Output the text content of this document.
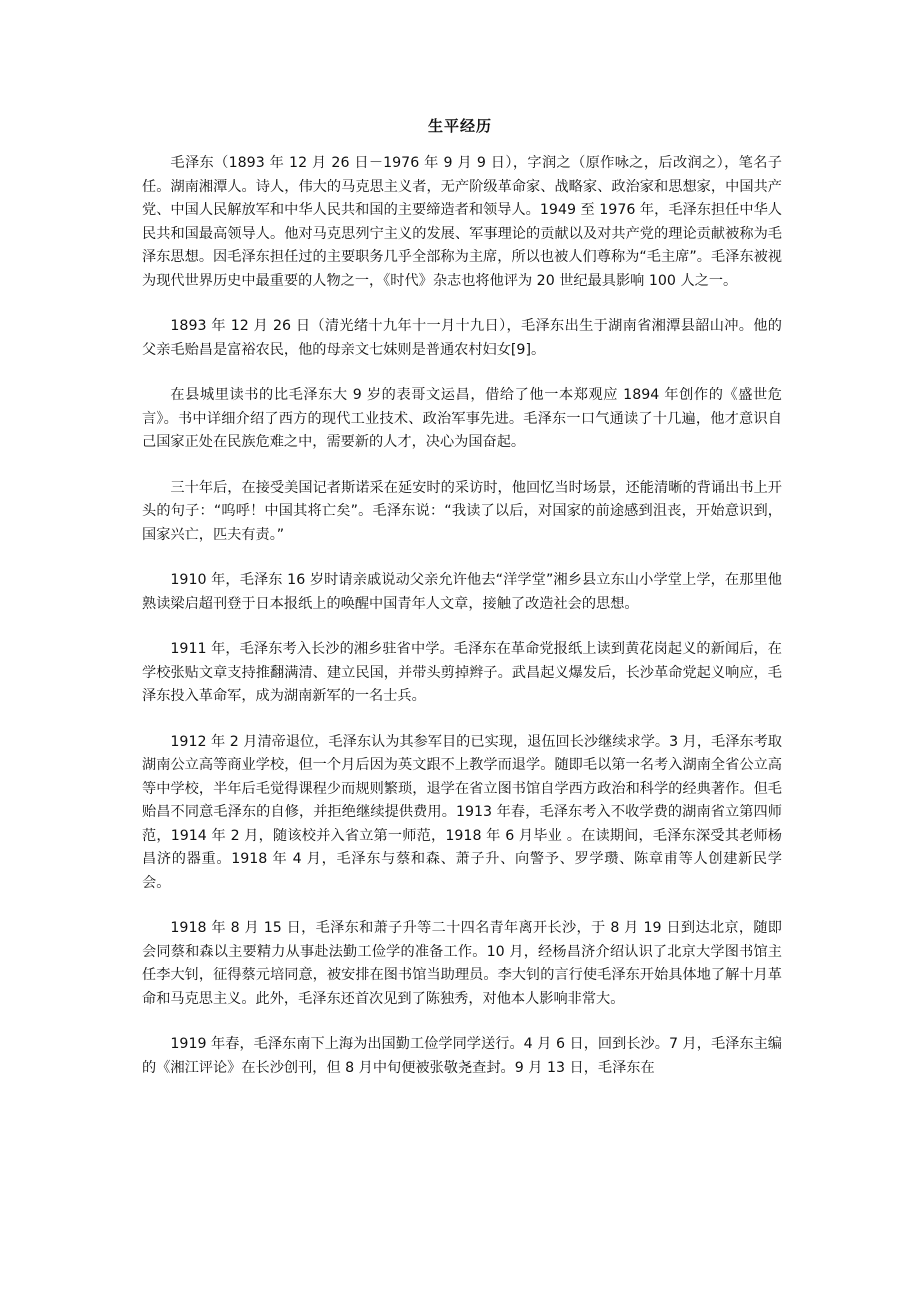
生平经历

毛泽东（1893 年 12 月 26 日－1976 年 9 月 9 日），字润之（原作咏之，后改润之），笔名子任。湖南湘潭人。诗人，伟大的马克思主义者，无产阶级革命家、战略家、政治家和思想家，中国共产党、中国人民解放军和中华人民共和国的主要缔造者和领导人。1949 至 1976 年，毛泽东担任中华人民共和国最高领导人。他对马克思列宁主义的发展、军事理论的贡献以及对共产党的理论贡献被称为毛泽东思想。因毛泽东担任过的主要职务几乎全部称为主席，所以也被人们尊称为“毛主席”。毛泽东被视为现代世界历史中最重要的人物之一，《时代》杂志也将他评为 20 世纪最具影响 100 人之一。

1893 年 12 月 26 日（清光绪十九年十一月十九日），毛泽东出生于湖南省湘潭县韶山冲。他的父亲毛贻昌是富裕农民，他的母亲文七妹则是普通农村妇女[9]。

在县城里读书的比毛泽东大 9 岁的表哥文运昌，借给了他一本郑观应 1894 年创作的《盛世危言》。书中详细介绍了西方的现代工业技术、政治军事先进。毛泽东一口气通读了十几遍，他才意识自己国家正处在民族危难之中，需要新的人才，决心为国奋起。

三十年后，在接受美国记者斯诺采在延安时的采访时，他回忆当时场景，还能清晰的背诵出书上开头的句子：“呜呼！中国其将亡矣”。毛泽东说：“我读了以后，对国家的前途感到沮丧，开始意识到，国家兴亡，匹夫有责。”

1910 年，毛泽东 16 岁时请亲戚说动父亲允许他去“洋学堂”湘乡县立东山小学堂上学，在那里他熟读梁启超刊登于日本报纸上的唤醒中国青年人文章，接触了改造社会的思想。

1911 年，毛泽东考入长沙的湘乡驻省中学。毛泽东在革命党报纸上读到黄花岗起义的新闻后，在学校张贴文章支持推翻满清、建立民国，并带头剪掉辫子。武昌起义爆发后，长沙革命党起义响应，毛泽东投入革命军，成为湖南新军的一名士兵。

1912 年 2 月清帝退位，毛泽东认为其参军目的已实现，退伍回长沙继续求学。3 月，毛泽东考取湖南公立高等商业学校，但一个月后因为英文跟不上教学而退学。随即毛以第一名考入湖南全省公立高等中学校，半年后毛觉得课程少而规则繁琐，退学在省立图书馆自学西方政治和科学的经典著作。但毛贻昌不同意毛泽东的自修，并拒绝继续提供费用。1913 年春，毛泽东考入不收学费的湖南省立第四师范，1914 年 2 月，随该校并入省立第一师范，1918 年 6 月毕业 。在读期间，毛泽东深受其老师杨昌济的器重。1918 年 4 月，毛泽东与蔡和森、萧子升、向警予、罗学瓒、陈章甫等人创建新民学会。

1918 年 8 月 15 日，毛泽东和萧子升等二十四名青年离开长沙，于 8 月 19 日到达北京，随即会同蔡和森以主要精力从事赴法勤工俭学的准备工作。10 月，经杨昌济介绍认识了北京大学图书馆主任李大钊，征得蔡元培同意，被安排在图书馆当助理员。李大钊的言行使毛泽东开始具体地了解十月革命和马克思主义。此外，毛泽东还首次见到了陈独秀，对他本人影响非常大。

1919 年春，毛泽东南下上海为出国勤工俭学同学送行。4 月 6 日，回到长沙。7 月，毛泽东主编的《湘江评论》在长沙创刊，但 8 月中旬便被张敬尧查封。9 月 13 日，毛泽东在
